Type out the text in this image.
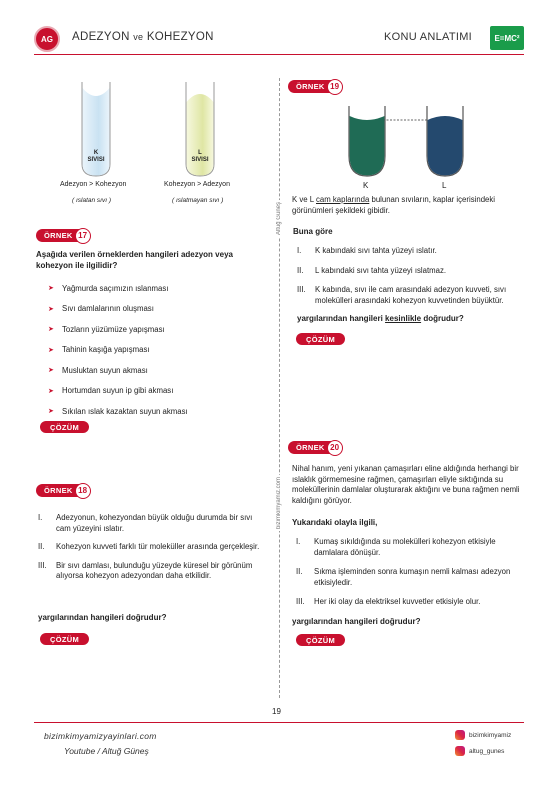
AG ADEZYON ve KOHEZYON	KONU ANLATIMI	E=MC²
Altuğ Güneş
bizimkimyamiz.com
K
SIVISI
L
SIVISI
Adezyon > Kohezyon	Kohezyon > Adezyon
( ıslatan sıvı )	( ıslatmayan sıvı )
ÖRNEK 17
Aşağıda verilen örneklerden hangileri adezyon veya kohezyon ile ilgilidir?
➤	Yağmurda saçımızın ıslanması
➤	Sıvı damlalarının oluşması
➤	Tozların yüzümüze yapışması
➤	Tahinin kaşığa yapışması
➤	Musluktan suyun akması
➤	Hortumdan suyun ip gibi akması
➤	Sıkılan ıslak kazaktan suyun akması
ÇÖZÜM
ÖRNEK 18
I.	Adezyonun, kohezyondan büyük olduğu durumda bir sıvı cam yüzeyini ıslatır.
II.	Kohezyon kuvveti farklı tür moleküller arasında gerçekleşir.
III.	Bir sıvı damlası, bulunduğu yüzeyde küresel bir görünüm alıyorsa kohezyon adezyondan daha etkilidir.
yargılarından hangileri doğrudur?
ÇÖZÜM
ÖRNEK 19
K	L
K ve L cam kaplarında bulunan sıvıların, kaplar içerisindeki görünümleri şekildeki gibidir.
Buna göre
I.	K kabındaki sıvı tahta yüzeyi ıslatır.
II.	L kabındaki sıvı tahta yüzeyi ıslatmaz.
III.	K kabında, sıvı ile cam arasındaki adezyon kuvveti, sıvı molekülleri arasındaki kohezyon kuvvetinden büyüktür.
yargılarından hangileri kesinlikle doğrudur?
ÇÖZÜM
ÖRNEK 20
Nihal hanım, yeni yıkanan çamaşırları eline aldığında herhangi bir ıslaklık görmemesine rağmen, çamaşırları eliyle sıktığında su moleküllerinin damlalar oluşturarak aktığını ve buna rağmen nemli kaldığını görüyor.
Yukarıdaki olayla ilgili,
I.	Kumaş sıkıldığında su molekülleri kohezyon etkisiyle damlalara dönüşür.
II.	Sıkma işleminden sonra kumaşın nemli kalması adezyon etkisiyledir.
III.	Her iki olay da elektriksel kuvvetler etkisiyle olur.
yargılarından hangileri doğrudur?
ÇÖZÜM
19
bizimkimyamizyayinlari.com
Youtube / Altuğ Güneş
bizimkimyamiz
altug_gunes
